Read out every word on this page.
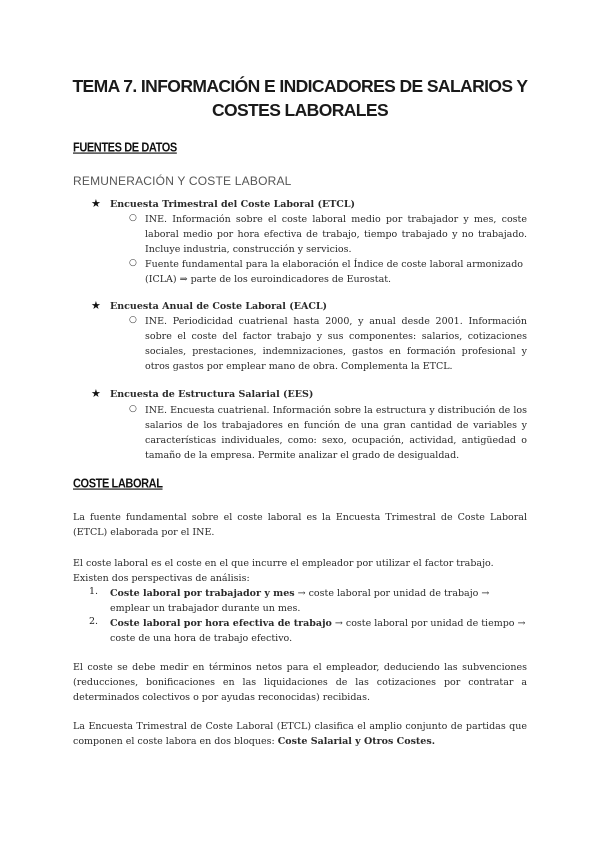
TEMA 7. INFORMACIÓN E INDICADORES DE SALARIOS Y
COSTES LABORALES
FUENTES DE DATOS
REMUNERACIÓN Y COSTE LABORAL
★ Encuesta Trimestral del Coste Laboral (ETCL)
○ INE. Información sobre el coste laboral medio por trabajador y mes, coste laboral medio por hora efectiva de trabajo, tiempo trabajado y no trabajado. Incluye industria, construcción y servicios.

○ Fuente fundamental para la elaboración el Índice de coste laboral armonizado (ICLA) ⇒ parte de los euroindicadores de Eurostat.

★ Encuesta Anual de Coste Laboral (EACL)
○ INE. Periodicidad cuatrienal hasta 2000, y anual desde 2001. Información sobre el coste del factor trabajo y sus componentes: salarios, cotizaciones sociales, prestaciones, indemnizaciones, gastos en formación profesional y otros gastos por emplear mano de obra. Complementa la ETCL.

★ Encuesta de Estructura Salarial (EES)
○ INE. Encuesta cuatrienal. Información sobre la estructura y distribución de los salarios de los trabajadores en función de una gran cantidad de variables y características individuales, como: sexo, ocupación, actividad, antigüedad o tamaño de la empresa. Permite analizar el grado de desigualdad.

COSTE LABORAL

La fuente fundamental sobre el coste laboral es la Encuesta Trimestral de Coste Laboral (ETCL) elaborada por el INE.

El coste laboral es el coste en el que incurre el empleador por utilizar el factor trabajo. Existen dos perspectivas de análisis:

1. Coste laboral por trabajador y mes → coste laboral por unidad de trabajo → emplear un trabajador durante un mes.

2. Coste laboral por hora efectiva de trabajo → coste laboral por unidad de tiempo → coste de una hora de trabajo efectivo.

El coste se debe medir en términos netos para el empleador, deduciendo las subvenciones (reducciones, bonificaciones en las liquidaciones de las cotizaciones por contratar a determinados colectivos o por ayudas reconocidas) recibidas.

La Encuesta Trimestral de Coste Laboral (ETCL) clasifica el amplio conjunto de partidas que componen el coste labora en dos bloques: Coste Salarial y Otros Costes.
